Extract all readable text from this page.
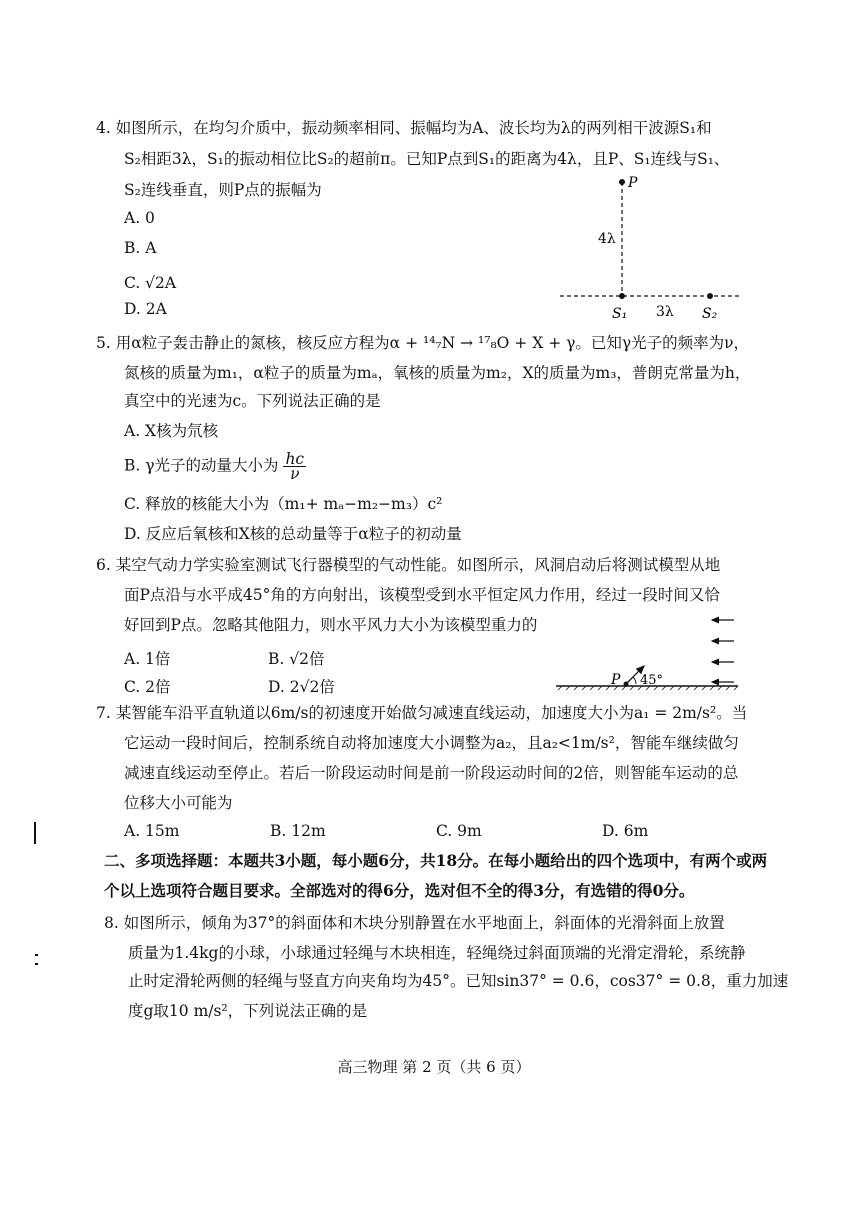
4. 如图所示，在均匀介质中，振动频率相同、振幅均为A、波长均为λ的两列相干波源S₁和
S₂相距3λ，S₁的振动相位比S₂的超前π。已知P点到S₁的距离为4λ，且P、S₁连线与S₁、
S₂连线垂直，则P点的振幅为
A. 0
B. A
C. √2A
D. 2A
P
4λ
3λ
S₁	S₂
5. 用α粒子轰击静止的氮核，核反应方程为α + ¹⁴₇N → ¹⁷₈O + X + γ。已知γ光子的频率为ν，
氮核的质量为m₁，α粒子的质量为mₐ，氧核的质量为m₂，X的质量为m₃，普朗克常量为h，
真空中的光速为c。下列说法正确的是
A. X核为氘核
B. γ光子的动量大小为 $\frac{hc}{\nu}$
C. 释放的核能大小为（m₁+ mₐ−m₂−m₃）c²
D. 反应后氧核和X核的总动量等于α粒子的初动量
6. 某空气动力学实验室测试飞行器模型的气动性能。如图所示，风洞启动后将测试模型从地
面P点沿与水平成45°角的方向射出，该模型受到水平恒定风力作用，经过一段时间又恰
好回到P点。忽略其他阻力，则水平风力大小为该模型重力的
A. 1倍	B. √2倍
C. 2倍	D. 2√2倍	P 45°
7. 某智能车沿平直轨道以6m/s的初速度开始做匀减速直线运动，加速度大小为a₁ = 2m/s²。当
它运动一段时间后，控制系统自动将加速度大小调整为a₂，且a₂<1m/s²，智能车继续做匀
减速直线运动至停止。若后一阶段运动时间是前一阶段运动时间的2倍，则智能车运动的总
位移大小可能为
A. 15m	B. 12m	C. 9m	D. 6m
二、多项选择题：本题共3小题，每小题6分，共18分。在每小题给出的四个选项中，有两个或两
个以上选项符合题目要求。全部选对的得6分，选对但不全的得3分，有选错的得0分。
8. 如图所示，倾角为37°的斜面体和木块分别静置在水平地面上，斜面体的光滑斜面上放置
质量为1.4kg的小球，小球通过轻绳与木块相连，轻绳绕过斜面顶端的光滑定滑轮，系统静
止时定滑轮两侧的轻绳与竖直方向夹角均为45°。已知sin37° = 0.6，cos37° = 0.8，重力加速
度g取10 m/s²，下列说法正确的是
高三物理 第 2 页（共 6 页）
